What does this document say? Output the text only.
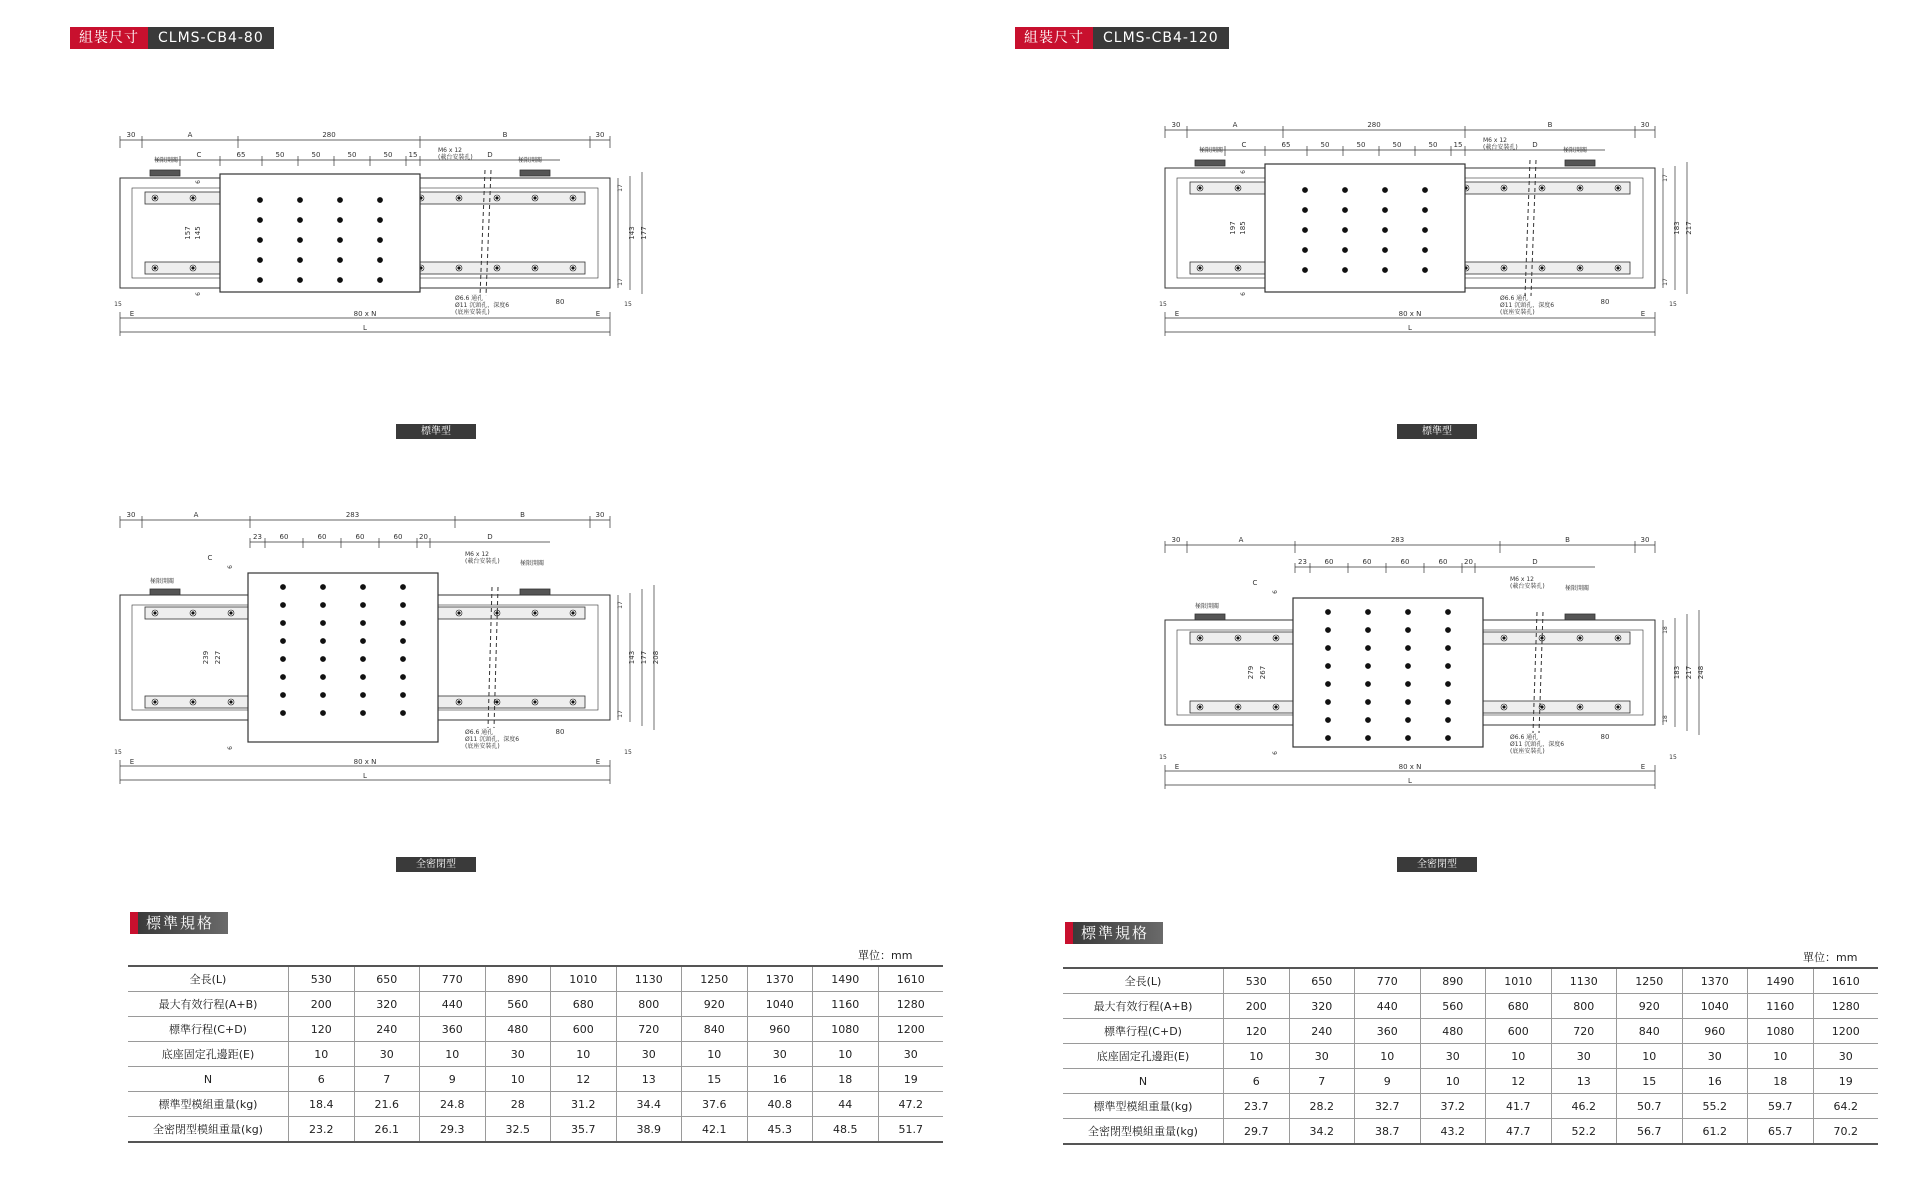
組裝尺寸	CLMS-CB4-80
30	A	280	B	30
C	65	50	50	50	50 15	D
極限開關	極限開關
M6 x 12
(載台安裝孔)
157 145
6
6
17
17
143 177
15	15
E	E
80 x N
L
Ø6.6 通孔
Ø11 沉頭孔，深度6
(底座安裝孔)
80
標準型
30	A	283	B	30
23	60	60	60	60 20	D
C
極限開關
極限開關
M6 x 12
(載台安裝孔)
239 227
6
6
17
17
143 177 208
15	15
E	E
80 x N
L
Ø6.6 通孔
Ø11 沉頭孔，深度6
(底座安裝孔)
80
全密閉型
標準規格
單位：mm
全長(L)	530	650	770	890	1010	1130	1250	1370	1490	1610
最大有效行程(A+B)	200	320	440	560	680	800	920	1040	1160	1280
標準行程(C+D)	120	240	360	480	600	720	840	960	1080	1200
底座固定孔邊距(E)	10	30	10	30	10	30	10	30	10	30
N	6	7	9	10	12	13	15	16	18	19
標準型模組重量(kg)	18.4	21.6	24.8	28	31.2	34.4	37.6	40.8	44	47.2
全密閉型模組重量(kg)	23.2	26.1	29.3	32.5	35.7	38.9	42.1	45.3	48.5	51.7
組裝尺寸	CLMS-CB4-120
30	A	280	B	30
C	65	50	50	50	50 15	D
極限開關	極限開關
M6 x 12
(載台安裝孔)
197 185
6
6
17
17
183 217
15	15
E	E
80 x N
L
Ø6.6 通孔
Ø11 沉頭孔，深度6
(底座安裝孔)
80
標準型
30	A	283	B	30
23	60	60	60	60 20	D
C
極限開關
極限開關
M6 x 12
(載台安裝孔)
279 267
6
6
18
18
183 217 248
15	15
E	E
80 x N
L
Ø6.6 通孔
Ø11 沉頭孔，深度6
(底座安裝孔)
80
全密閉型
標準規格
單位：mm
全長(L)	530	650	770	890	1010	1130	1250	1370	1490	1610
最大有效行程(A+B)	200	320	440	560	680	800	920	1040	1160	1280
標準行程(C+D)	120	240	360	480	600	720	840	960	1080	1200
底座固定孔邊距(E)	10	30	10	30	10	30	10	30	10	30
N	6	7	9	10	12	13	15	16	18	19
標準型模組重量(kg)	23.7	28.2	32.7	37.2	41.7	46.2	50.7	55.2	59.7	64.2
全密閉型模組重量(kg)	29.7	34.2	38.7	43.2	47.7	52.2	56.7	61.2	65.7	70.2
